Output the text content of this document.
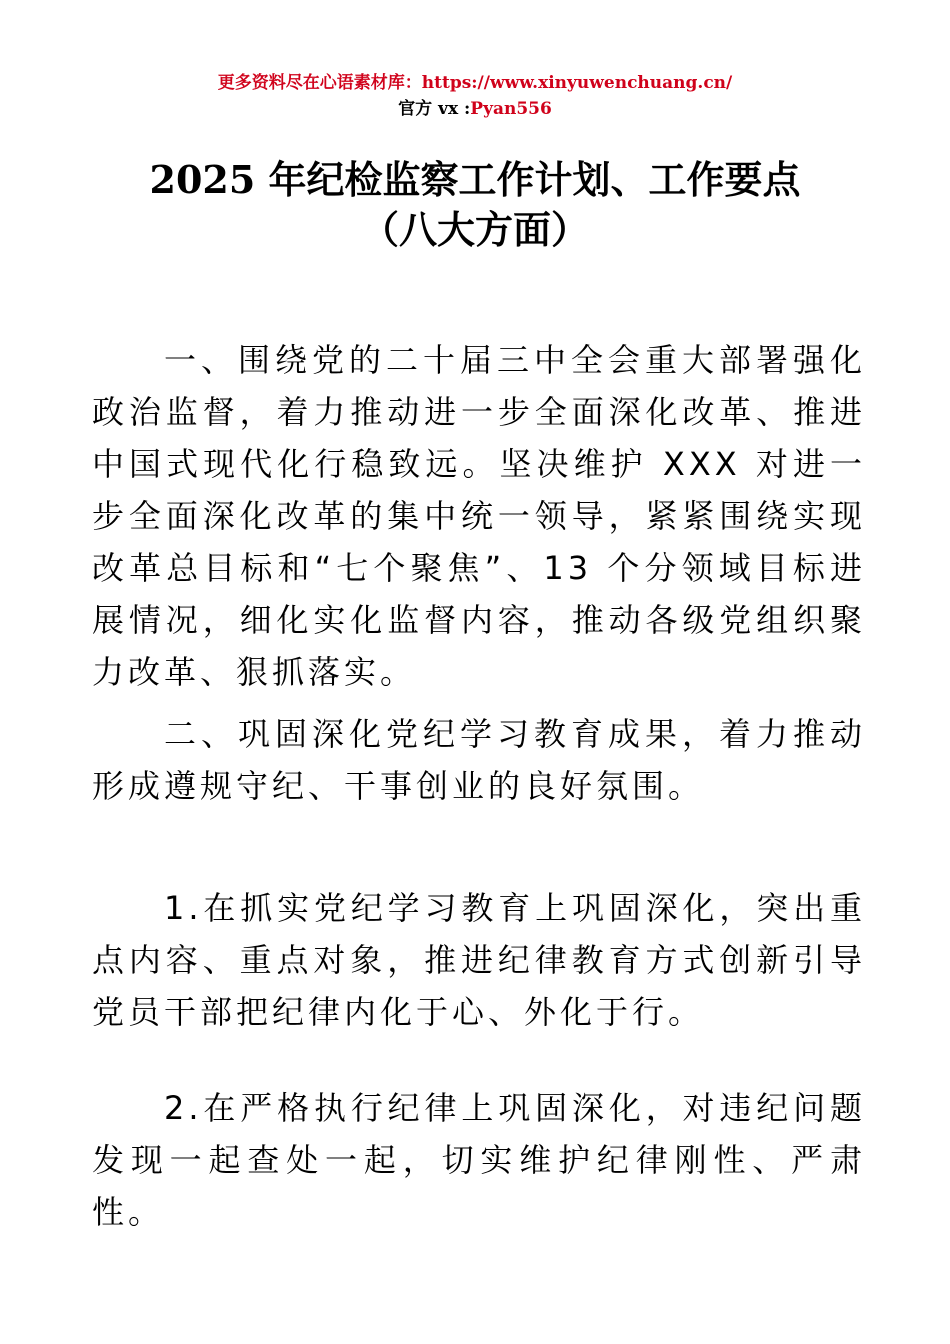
更多资料尽在心语素材库：https://www.xinyuwenchuang.cn/
官方 vx :Pyan556
2025 年纪检监察工作计划、工作要点
（八大方面）

一、围绕党的二十届三中全会重大部署强化政治监督，着力推动进一步全面深化改革、推进中国式现代化行稳致远。坚决维护 XXX 对进一步全面深化改革的集中统一领导，紧紧围绕实现改革总目标和“七个聚焦”、13 个分领域目标进展情况，细化实化监督内容，推动各级党组织聚力改革、狠抓落实。

二、巩固深化党纪学习教育成果，着力推动形成遵规守纪、干事创业的良好氛围。

1.在抓实党纪学习教育上巩固深化，突出重点内容、重点对象，推进纪律教育方式创新引导党员干部把纪律内化于心、外化于行。

2.在严格执行纪律上巩固深化，对违纪问题发现一起查处一起，切实维护纪律刚性、严肃性。
